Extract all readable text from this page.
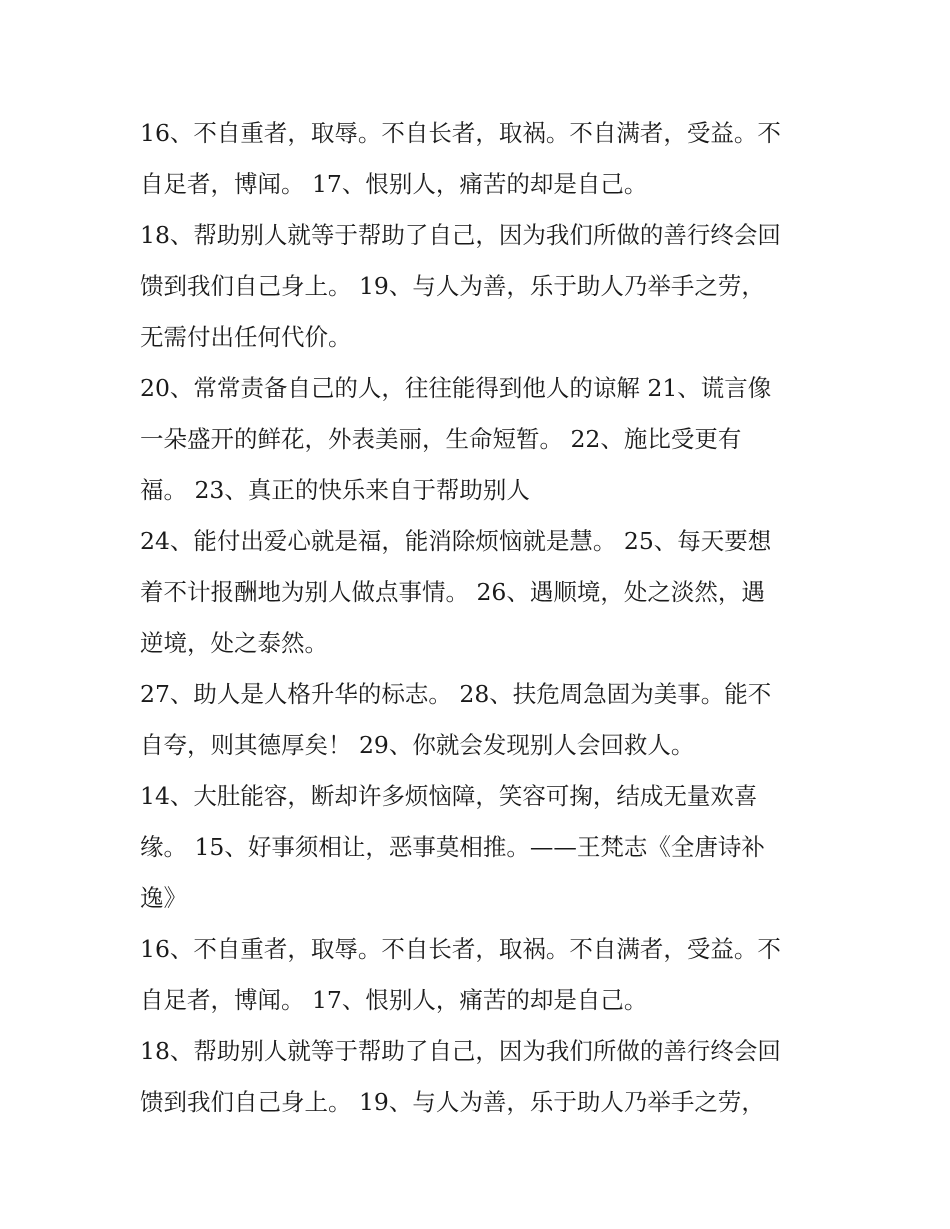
16、不自重者，取辱。不自长者，取祸。不自满者，受益。不
自足者，博闻。 17、恨别人，痛苦的却是自己。
18、帮助别人就等于帮助了自己，因为我们所做的善行终会回
馈到我们自己身上。 19、与人为善，乐于助人乃举手之劳，
无需付出任何代价。
20、常常责备自己的人，往往能得到他人的谅解 21、谎言像
一朵盛开的鲜花，外表美丽，生命短暂。 22、施比受更有
福。 23、真正的快乐来自于帮助别人
24、能付出爱心就是福，能消除烦恼就是慧。 25、每天要想
着不计报酬地为别人做点事情。 26、遇顺境，处之淡然，遇
逆境，处之泰然。
27、助人是人格升华的标志。 28、扶危周急固为美事。能不
自夸，则其德厚矣！ 29、你就会发现别人会回救人。
14、大肚能容，断却许多烦恼障，笑容可掬，结成无量欢喜
缘。 15、好事须相让，恶事莫相推。——王梵志《全唐诗补
逸》
16、不自重者，取辱。不自长者，取祸。不自满者，受益。不
自足者，博闻。 17、恨别人，痛苦的却是自己。
18、帮助别人就等于帮助了自己，因为我们所做的善行终会回
馈到我们自己身上。 19、与人为善，乐于助人乃举手之劳，
